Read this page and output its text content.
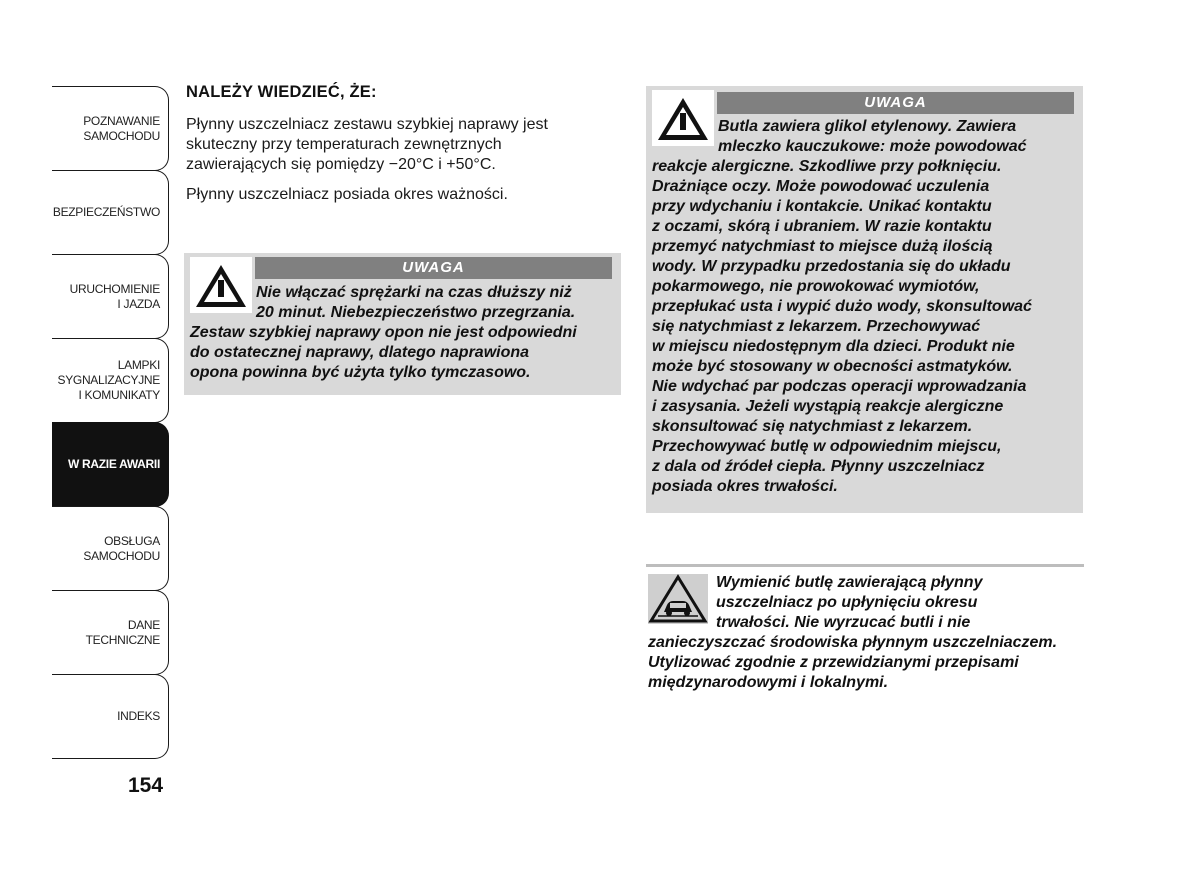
POZNAWANIE
SAMOCHODU
BEZPIECZEŃSTWO
URUCHOMIENIE
I JAZDA
LAMPKI
SYGNALIZACYJNE
I KOMUNIKATY
W RAZIE AWARII
OBSŁUGA
SAMOCHODU
DANE
TECHNICZNE
INDEKS
154
NALEŻY WIEDZIEĆ, ŻE:
Płynny uszczelniacz zestawu szybkiej naprawy jest
skuteczny przy temperaturach zewnętrznych
zawierających się pomiędzy −20°C i +50°C.
Płynny uszczelniacz posiada okres ważności.
UWAGA
Nie włączać sprężarki na czas dłuższy niż
20 minut. Niebezpieczeństwo przegrzania.
Zestaw szybkiej naprawy opon nie jest odpowiedni
do ostatecznej naprawy, dlatego naprawiona
opona powinna być użyta tylko tymczasowo.
UWAGA
Butla zawiera glikol etylenowy. Zawiera
mleczko kauczukowe: może powodować
reakcje alergiczne. Szkodliwe przy połknięciu.
Drażniące oczy. Może powodować uczulenia
przy wdychaniu i kontakcie. Unikać kontaktu
z oczami, skórą i ubraniem. W razie kontaktu
przemyć natychmiast to miejsce dużą ilością
wody. W przypadku przedostania się do układu
pokarmowego, nie prowokować wymiotów,
przepłukać usta i wypić dużo wody, skonsultować
się natychmiast z lekarzem. Przechowywać
w miejscu niedostępnym dla dzieci. Produkt nie
może być stosowany w obecności astmatyków.
Nie wdychać par podczas operacji wprowadzania
i zasysania. Jeżeli wystąpią reakcje alergiczne
skonsultować się natychmiast z lekarzem.
Przechowywać butlę w odpowiednim miejscu,
z dala od źródeł ciepła. Płynny uszczelniacz
posiada okres trwałości.
Wymienić butlę zawierającą płynny
uszczelniacz po upłynięciu okresu
trwałości. Nie wyrzucać butli i nie
zanieczyszczać środowiska płynnym uszczelniaczem.
Utylizować zgodnie z przewidzianymi przepisami
międzynarodowymi i lokalnymi.
